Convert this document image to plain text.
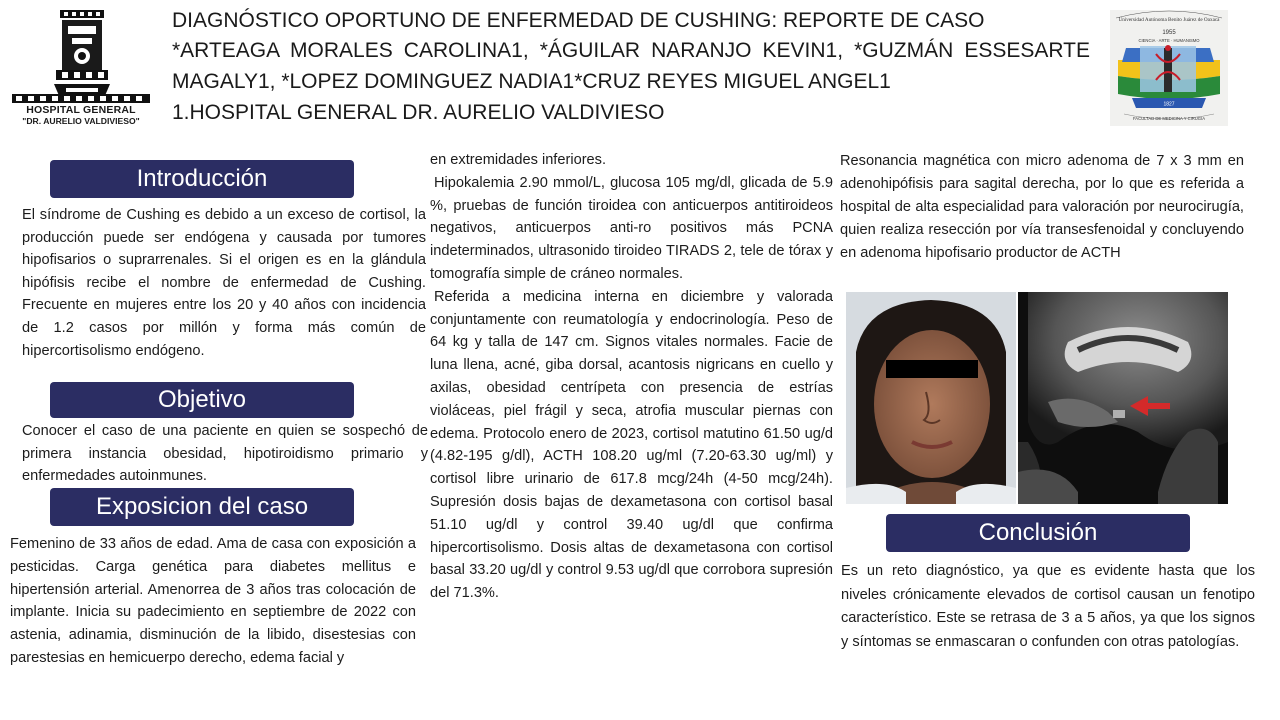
HOSPITAL GENERAL
"DR. AURELIO VALDIVIESO"
DIAGNÓSTICO OPORTUNO DE ENFERMEDAD DE CUSHING: REPORTE DE CASO
*ARTEAGA MORALES CAROLINA1, *ÁGUILAR NARANJO KEVIN1, *GUZMÁN ESSESARTE MAGALY1, *LOPEZ DOMINGUEZ NADIA1*CRUZ REYES MIGUEL ANGEL1
1.HOSPITAL GENERAL DR. AURELIO VALDIVIESO
Universidad Autónoma Benito Juárez de Oaxaca
1955
CIENCIA · ARTE · HUMANISMO
1827
FACULTAD DE MEDICINA Y CIRUGÍA
Introducción
El síndrome de Cushing es debido a un exceso de cortisol, la producción puede ser endógena y causada por tumores hipofisarios o suprarrenales. Si el origen es en la glándula hipófisis recibe el nombre de enfermedad de Cushing. Frecuente en mujeres entre los 20 y 40 años con incidencia de 1.2 casos por millón y forma más común de hipercortisolismo endógeno.
Objetivo
Conocer el caso de una paciente en quien se sospechó de primera instancia obesidad, hipotiroidismo primario y enfermedades autoinmunes.
Exposicion del caso
Femenino de 33 años de edad. Ama de casa con exposición a pesticidas. Carga genética para diabetes mellitus e hipertensión arterial. Amenorrea de 3 años tras colocación de implante. Inicia su padecimiento en septiembre de 2022 con astenia, adinamia, disminución de la libido, disestesias con parestesias en hemicuerpo derecho, edema facial y

en extremidades inferiores.

Hipokalemia 2.90 mmol/L, glucosa 105 mg/dl, glicada de 5.9 %, pruebas de función tiroidea con anticuerpos antitiroideos negativos, anticuerpos anti-ro positivos más PCNA indeterminados, ultrasonido tiroideo TIRADS 2, tele de tórax y tomografía simple de cráneo normales.

Referida a medicina interna en diciembre y valorada conjuntamente con reumatología y endocrinología. Peso de 64 kg y talla de 147 cm. Signos vitales normales. Facie de luna llena, acné, giba dorsal, acantosis nigricans en cuello y axilas, obesidad centrípeta con presencia de estrías violáceas, piel frágil y seca, atrofia muscular piernas con edema. Protocolo enero de 2023, cortisol matutino 61.50 ug/d (4.82-195 g/dl), ACTH 108.20 ug/ml (7.20-63.30 ug/ml) y cortisol libre urinario de 617.8 mcg/24h (4-50 mcg/24h). Supresión dosis bajas de dexametasona con cortisol basal 51.10 ug/dl y control 39.40 ug/dl que confirma hipercortisolismo. Dosis altas de dexametasona con cortisol basal 33.20 ug/dl y control 9.53 ug/dl que corrobora supresión del 71.3%.

Resonancia magnética con micro adenoma de 7 x 3 mm en adenohipófisis para sagital derecha, por lo que es referida a hospital de alta especialidad para valoración por neurocirugía, quien realiza resección por vía transesfenoidal y concluyendo en adenoma hipofisario productor de ACTH
Conclusión
Es un reto diagnóstico, ya que es evidente hasta que los niveles crónicamente elevados de cortisol causan un fenotipo característico. Este se retrasa de 3 a 5 años, ya que los signos y síntomas se enmascaran o confunden con otras patologías.
